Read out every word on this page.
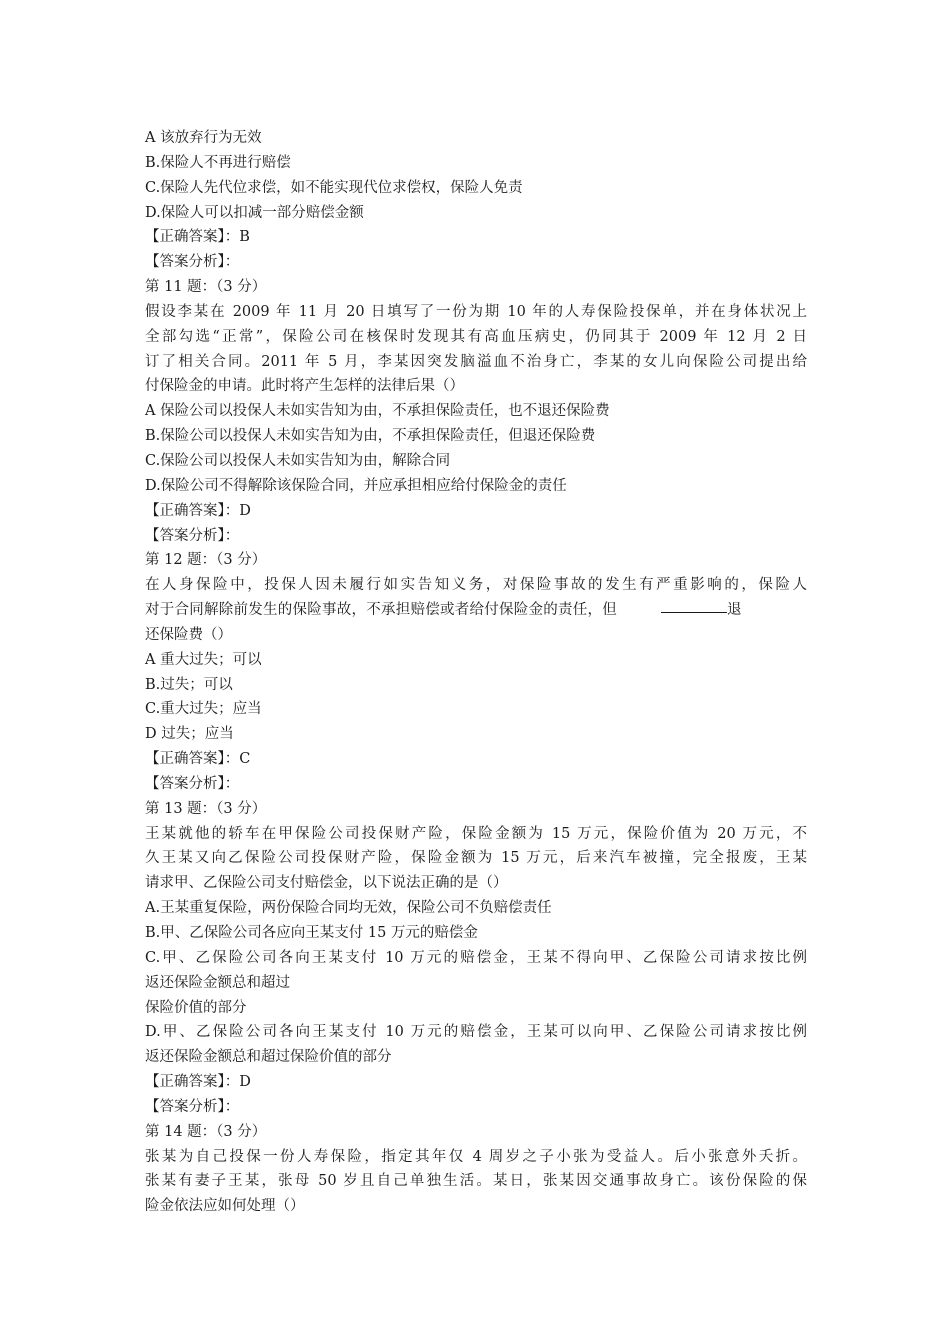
A 该放弃行为无效
B.保险人不再进行赔偿
C.保险人先代位求偿，如不能实现代位求偿权，保险人免责
D.保险人可以扣减一部分赔偿金额
【正确答案】：B
【答案分析】：
第 11 题：（3 分）
假设李某在 2009 年 11 月 20 日填写了一份为期 10 年的人寿保险投保单，并在身体状况上
全部勾选“正常”，保险公司在核保时发现其有高血压病史，仍同其于 2009 年 12 月 2 日
订了相关合同。2011 年 5 月，李某因突发脑溢血不治身亡，李某的女儿向保险公司提出给
付保险金的申请。此时将产生怎样的法律后果（）
A 保险公司以投保人未如实告知为由，不承担保险责任，也不退还保险费
B.保险公司以投保人未如实告知为由，不承担保险责任，但退还保险费
C.保险公司以投保人未如实告知为由，解除合同
D.保险公司不得解除该保险合同，并应承担相应给付保险金的责任
【正确答案】：D
【答案分析】：
第 12 题：（3 分）
在人身保险中，投保人因未履行如实告知义务，对保险事故的发生有严重影响的，保险人
对于合同解除前发生的保险事故，不承担赔偿或者给付保险金的责任，但	退
还保险费（）
A 重大过失；可以
B.过失；可以
C.重大过失；应当
D 过失；应当
【正确答案】：C
【答案分析】：
第 13 题：（3 分）
王某就他的轿车在甲保险公司投保财产险，保险金额为 15 万元，保险价值为 20 万元，不
久王某又向乙保险公司投保财产险，保险金额为 15 万元，后来汽车被撞，完全报废，王某
请求甲、乙保险公司支付赔偿金，以下说法正确的是（）
A.王某重复保险，两份保险合同均无效，保险公司不负赔偿责任
B.甲、乙保险公司各应向王某支付 15 万元的赔偿金
C.甲、乙保险公司各向王某支付 10 万元的赔偿金，王某不得向甲、乙保险公司请求按比例
返还保险金额总和超过
保险价值的部分
D.甲、乙保险公司各向王某支付 10 万元的赔偿金，王某可以向甲、乙保险公司请求按比例
返还保险金额总和超过保险价值的部分
【正确答案】：D
【答案分析】：
第 14 题：（3 分）
张某为自己投保一份人寿保险，指定其年仅 4 周岁之子小张为受益人。后小张意外夭折。
张某有妻子王某，张母 50 岁且自己单独生活。某日，张某因交通事故身亡。该份保险的保
险金依法应如何处理（）
